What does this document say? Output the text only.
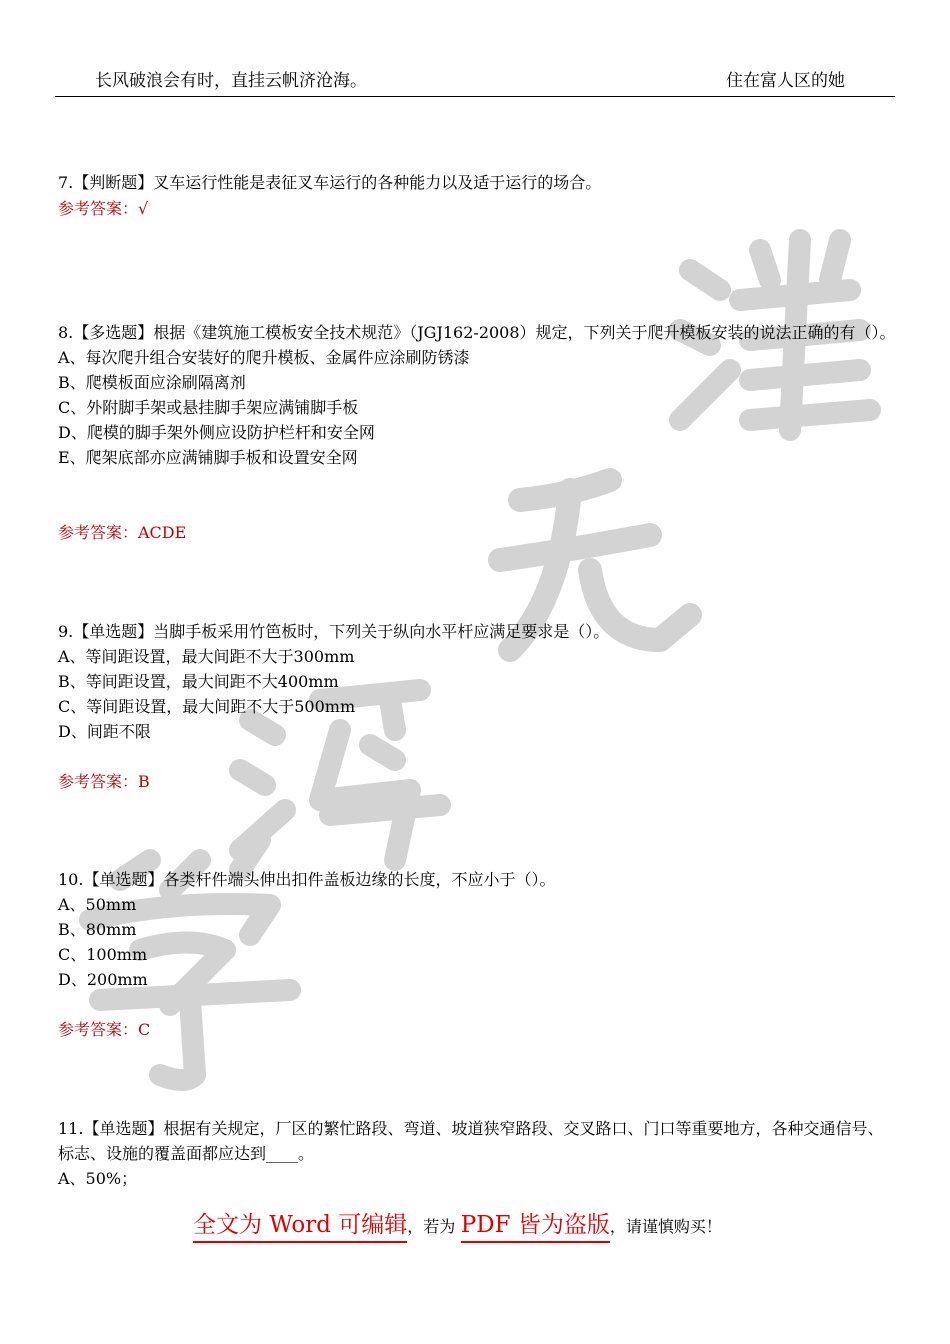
长风破浪会有时，直挂云帆济沧海。	住在富人区的她

7.【判断题】叉车运行性能是表征叉车运行的各种能力以及适于运行的场合。

参考答案：√

8.【多选题】根据《建筑施工模板安全技术规范》（JGJ162-2008）规定，下列关于爬升模板安装的说法正确的有（）。

A、每次爬升组合安装好的爬升模板、金属件应涂刷防锈漆

B、爬模板面应涂刷隔离剂

C、外附脚手架或悬挂脚手架应满铺脚手板

D、爬模的脚手架外侧应设防护栏杆和安全网

E、爬架底部亦应满铺脚手板和设置安全网

参考答案：ACDE

9.【单选题】当脚手板采用竹笆板时，下列关于纵向水平杆应满足要求是（）。

A、等间距设置，最大间距不大于300mm

B、等间距设置，最大间距不大400mm

C、等间距设置，最大间距不大于500mm

D、间距不限

参考答案：B

10.【单选题】各类杆件端头伸出扣件盖板边缘的长度，不应小于（）。

A、50mm

B、80mm

C、100mm

D、200mm

参考答案：C

11.【单选题】根据有关规定，厂区的繁忙路段、弯道、坡道狭窄路段、交叉路口、门口等重要地方，各种交通信号、标志、设施的覆盖面都应达到____。

A、50%；

全文为 Word 可编辑，若为 PDF 皆为盗版，请谨慎购买！
